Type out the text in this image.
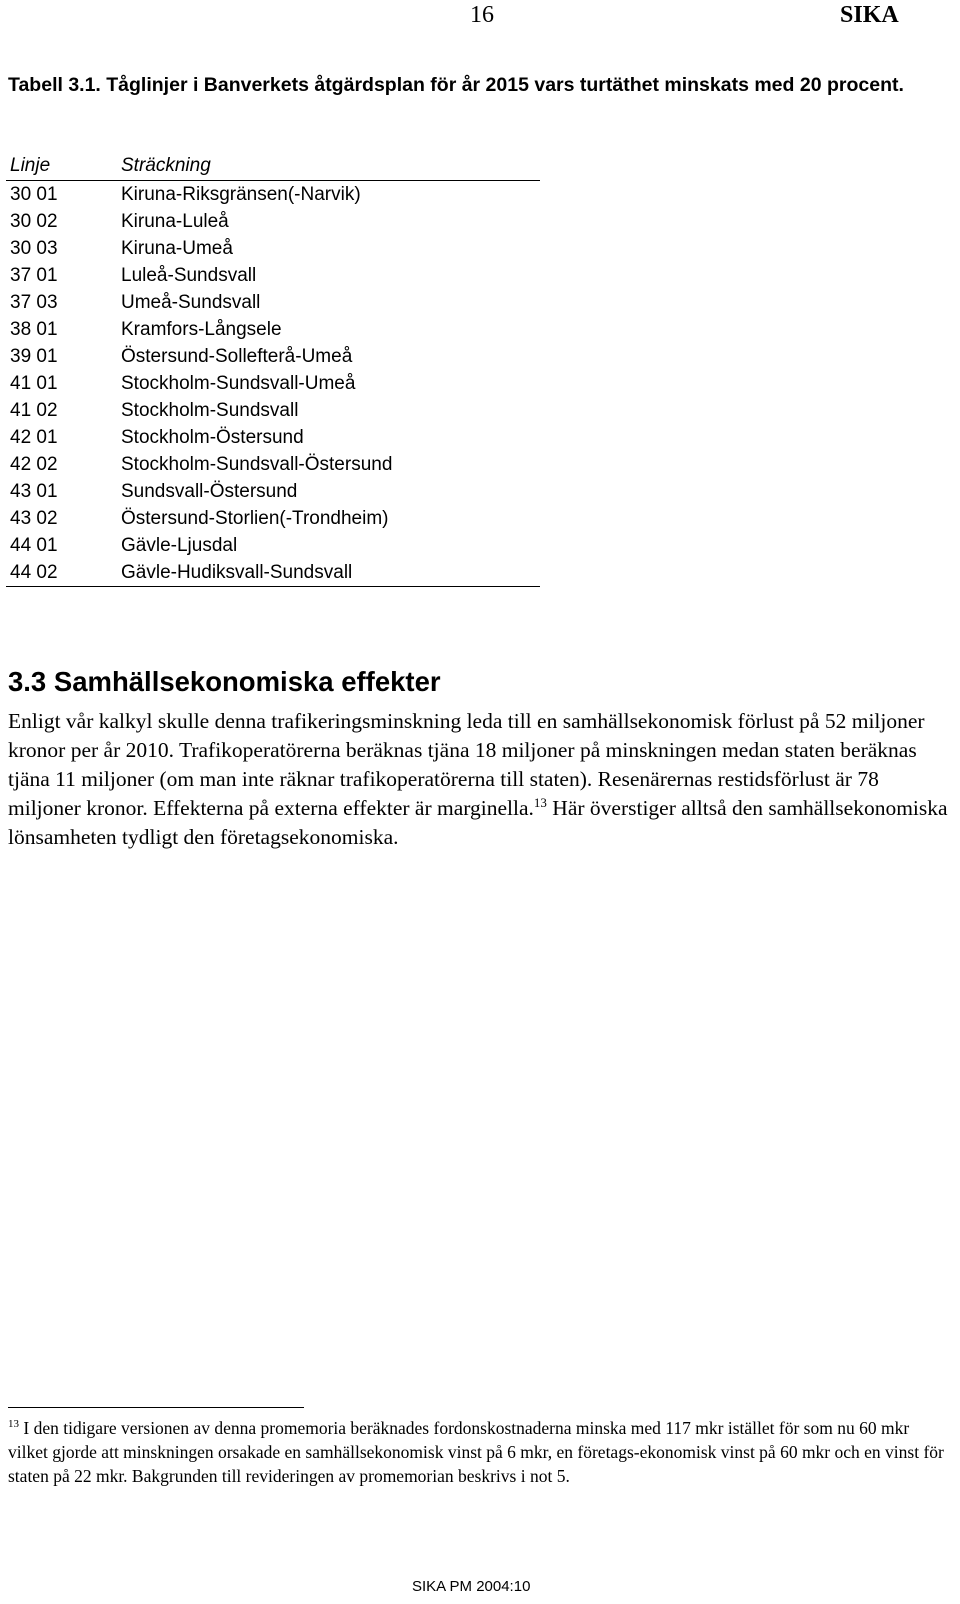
16	SIKA
Tabell 3.1. Tåglinjer i Banverkets åtgärdsplan för år 2015 vars turtäthet minskats med 20 procent.
Linje	Sträckning
30 01	Kiruna-Riksgränsen(-Narvik)
30 02	Kiruna-Luleå
30 03	Kiruna-Umeå
37 01	Luleå-Sundsvall
37 03	Umeå-Sundsvall
38 01	Kramfors-Långsele
39 01	Östersund-Sollefterå-Umeå
41 01	Stockholm-Sundsvall-Umeå
41 02	Stockholm-Sundsvall
42 01	Stockholm-Östersund
42 02	Stockholm-Sundsvall-Östersund
43 01	Sundsvall-Östersund
43 02	Östersund-Storlien(-Trondheim)
44 01	Gävle-Ljusdal
44 02	Gävle-Hudiksvall-Sundsvall
3.3 Samhällsekonomiska effekter
Enligt vår kalkyl skulle denna trafikeringsminskning leda till en samhällsekonomisk förlust på 52 miljoner kronor per år 2010. Trafikoperatörerna beräknas tjäna 18 miljoner på minskningen medan staten beräknas tjäna 11 miljoner (om man inte räknar trafikoperatörerna till staten). Resenärernas restidsförlust är 78 miljoner kronor. Effekterna på externa effekter är marginella.$^{13}$ Här överstiger alltså den samhällsekonomiska lönsamheten tydligt den företagsekonomiska.
$^{13}$ I den tidigare versionen av denna promemoria beräknades fordonskostnaderna minska med 117 mkr istället för som nu 60 mkr vilket gjorde att minskningen orsakade en samhällsekonomisk vinst på 6 mkr, en företags-ekonomisk vinst på 60 mkr och en vinst för staten på 22 mkr. Bakgrunden till revideringen av promemorian beskrivs i not 5.
SIKA PM 2004:10
